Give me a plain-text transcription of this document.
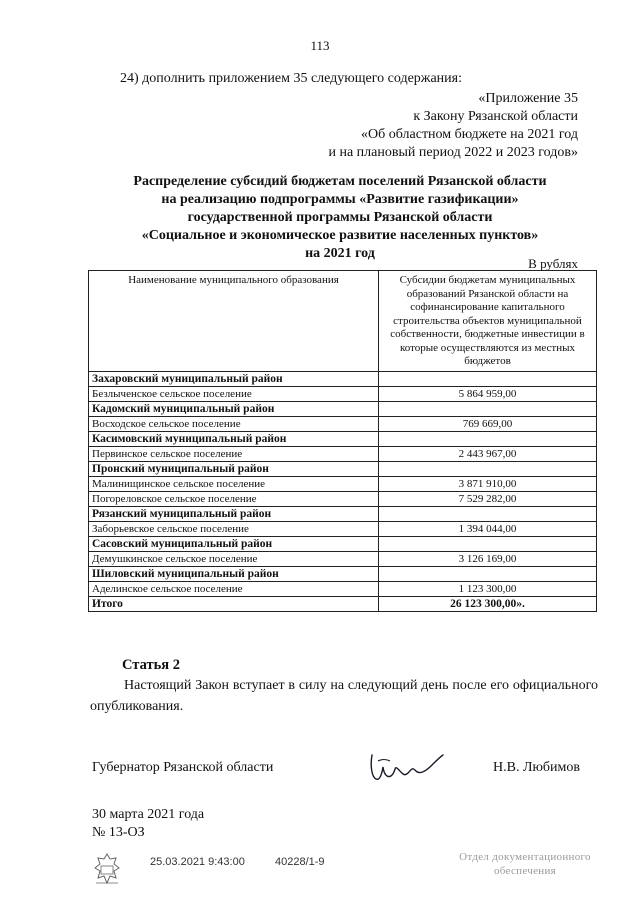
113
24) дополнить приложением 35 следующего содержания:
«Приложение 35
к Закону Рязанской области
«Об областном бюджете на 2021 год
и на плановый период 2022 и 2023 годов»
Распределение субсидий бюджетам поселений Рязанской области
на реализацию подпрограммы «Развитие газификации»
государственной программы Рязанской области
«Социальное и экономическое развитие населенных пунктов»
на 2021 год
В рублях
Наименование муниципального образования	Субсидии бюджетам муниципальных образований Рязанской области на софинансирование капитального строительства объектов муниципальной собственности, бюджетные инвестиции в которые осуществляются из местных бюджетов
Захаровский муниципальный район	
Безлыченское сельское поселение	5 864 959,00
Кадомский муниципальный район	
Восходское сельское поселение	769 669,00
Касимовский муниципальный район	
Первинское сельское поселение	2 443 967,00
Пронский муниципальный район	
Малинищинское сельское поселение	3 871 910,00
Погореловское сельское поселение	7 529 282,00
Рязанский муниципальный район	
Заборьевское сельское поселение	1 394 044,00
Сасовский муниципальный район	
Демушкинское сельское поселение	3 126 169,00
Шиловский муниципальный район	
Аделинское сельское поселение	1 123 300,00
Итого	26 123 300,00».
Статья 2
Настоящий Закон вступает в силу на следующий день после его официального опубликования.
Губернатор Рязанской области	Н.В. Любимов
30 марта 2021 года
№ 13-ОЗ
25.03.2021 9:43:00	40228/1-9	Отдел документационного
обеспечения
